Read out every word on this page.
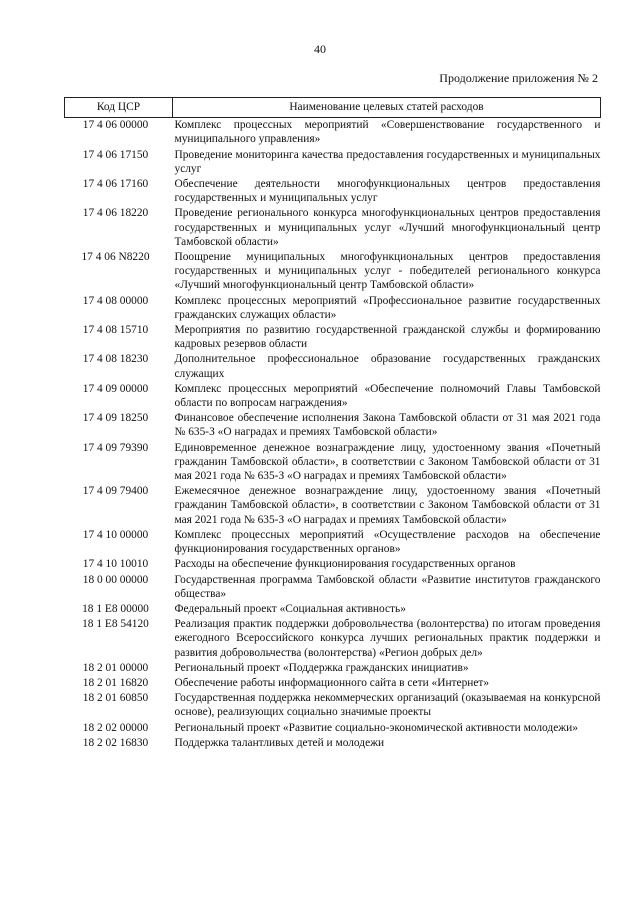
40
Продолжение приложения № 2
Код ЦСР	Наименование целевых статей расходов
17 4 06 00000	Комплекс процессных мероприятий «Совершенствование государственного и муниципального управления»
17 4 06 17150	Проведение мониторинга качества предоставления государственных и муниципальных услуг
17 4 06 17160	Обеспечение деятельности многофункциональных центров предоставления государственных и муниципальных услуг
17 4 06 18220	Проведение регионального конкурса многофункциональных центров предоставления государственных и муниципальных услуг «Лучший многофункциональный центр Тамбовской области»
17 4 06 N8220	Поощрение муниципальных многофункциональных центров предоставления государственных и муниципальных услуг - победителей регионального конкурса «Лучший многофункциональный центр Тамбовской области»
17 4 08 00000	Комплекс процессных мероприятий «Профессиональное развитие государственных гражданских служащих области»
17 4 08 15710	Мероприятия по развитию государственной гражданской службы и формированию кадровых резервов области
17 4 08 18230	Дополнительное профессиональное образование государственных гражданских служащих
17 4 09 00000	Комплекс процессных мероприятий «Обеспечение полномочий Главы Тамбовской области по вопросам награждения»
17 4 09 18250	Финансовое обеспечение исполнения Закона Тамбовской области от 31 мая 2021 года № 635-З «О наградах и премиях Тамбовской области»
17 4 09 79390	Единовременное денежное вознаграждение лицу, удостоенному звания «Почетный гражданин Тамбовской области», в соответствии с Законом Тамбовской области от 31 мая 2021 года № 635-З «О наградах и премиях Тамбовской области»
17 4 09 79400	Ежемесячное денежное вознаграждение лицу, удостоенному звания «Почетный гражданин Тамбовской области», в соответствии с Законом Тамбовской области от 31 мая 2021 года № 635-З «О наградах и премиях Тамбовской области»
17 4 10 00000	Комплекс процессных мероприятий «Осуществление расходов на обеспечение функционирования государственных органов»
17 4 10 10010	Расходы на обеспечение функционирования государственных органов
18 0 00 00000	Государственная программа Тамбовской области «Развитие институтов гражданского общества»
18 1 E8 00000	Федеральный проект «Социальная активность»
18 1 E8 54120	Реализация практик поддержки добровольчества (волонтерства) по итогам проведения ежегодного Всероссийского конкурса лучших региональных практик поддержки и развития добровольчества (волонтерства) «Регион добрых дел»
18 2 01 00000	Региональный проект «Поддержка гражданских инициатив»
18 2 01 16820	Обеспечение работы информационного сайта в сети «Интернет»
18 2 01 60850	Государственная поддержка некоммерческих организаций (оказываемая на конкурсной основе), реализующих социально значимые проекты
18 2 02 00000	Региональный проект «Развитие социально-экономической активности молодежи»
18 2 02 16830	Поддержка талантливых детей и молодежи
